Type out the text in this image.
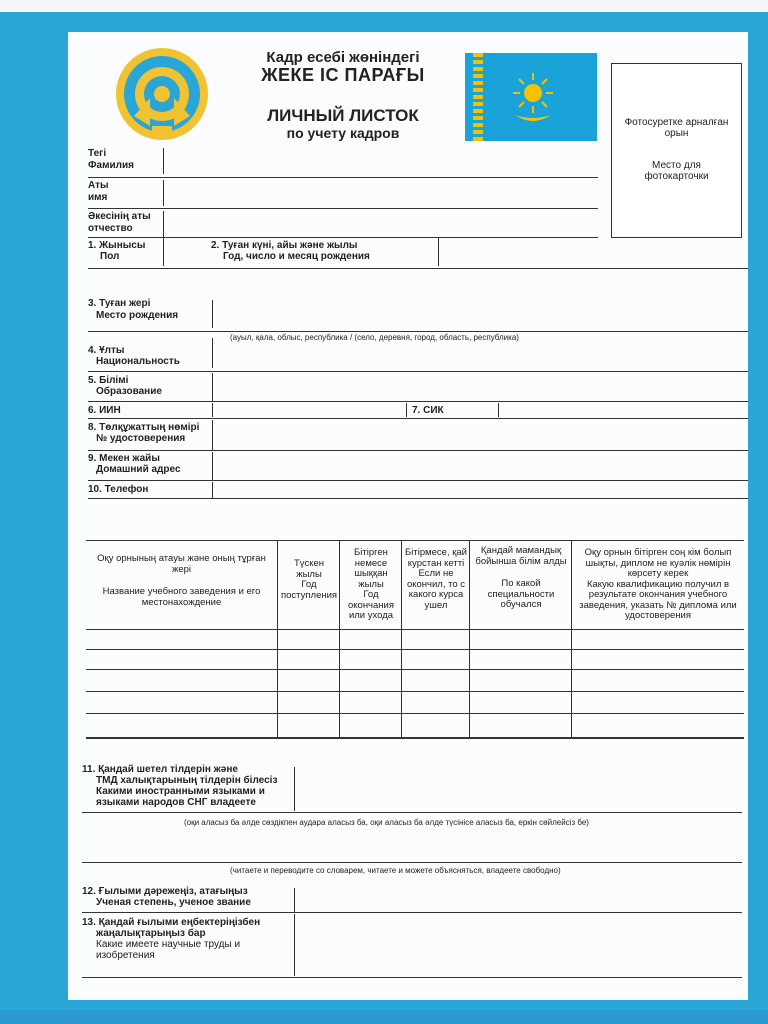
Кадр есебі жөніндегі
ЖЕКЕ ІС ПАРАҒЫ
ЛИЧНЫЙ ЛИСТОК
по учету кадров
Фотосуретке арналған орын
Место для фотокарточки
Тегі
Фамилия
Аты
имя
Әкесінің аты
отчество
1. Жынысы
Пол
2. Туған күні, айы және жылы
Год, число и месяц рождения
3. Туған жері
Место рождения
(ауыл, қала, облыс, республика / (село, деревня, город, область, республика)
4. Ұлты
Национальность
5. Білімі
Образование
6. ИИН	7. СИК
8. Төлқұжаттың нөмірі
№ удостоверения
9. Мекен жайы
Домашний адрес
10. Телефон
Оқу орнының атауы және оның тұрған жері
Название учебного заведения и его местонахождение
Түскен жылы
Год поступления
Бітірген немесе шыққан жылы
Год окончания или ухода
Бітірмесе, қай курстан кетті
Если не окончил, то с какого курса ушел
Қандай мамандық бойынша білім алды
По какой специальности обучался
Оқу орнын бітірген соң кім болып шықты, диплом не куәлік нөмірін көрсету керек
Какую квалификацию получил в результате окончания учебного заведения, указать № диплома или удостоверения
11. Қандай шетел тілдерін және
ТМД халықтарының тілдерін білесіз
Какими иностранными языками и
языками народов СНГ владеете
(оқи аласыз ба әлде сөздікпен аудара аласыз ба, оқи аласыз ба әлде түсінісе аласыз ба, еркін сөйлейсіз бе)
(читаете и переводите со словарем, читаете и можете объясняться, владеете свободно)
12. Ғылыми дәрежеңіз, атағыңыз
Ученая степень, ученое звание
13. Қандай ғылыми еңбектеріңізбен
жаңалықтарыңыз бар
Какие имеете научные труды и
изобретения
